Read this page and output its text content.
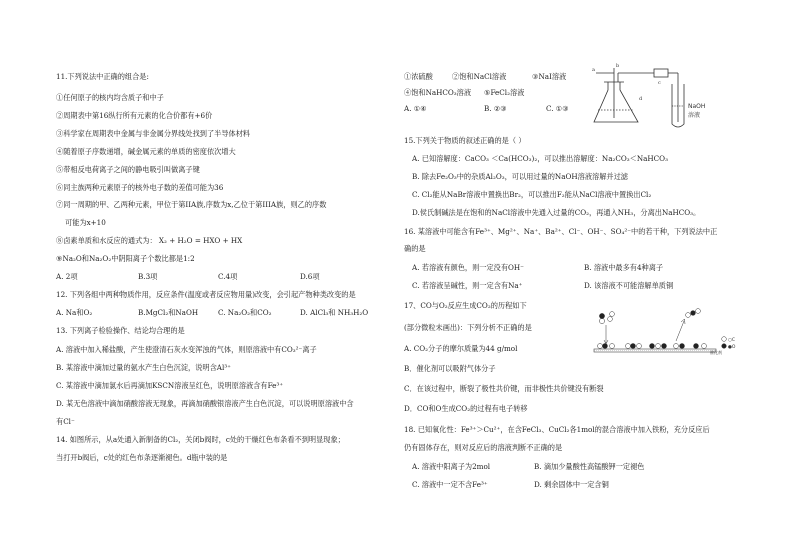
11.下列说法中正确的组合是:
①任何原子的核内均含质子和中子
②周期表中第16纵行所有元素的化合价都有+6价
③科学家在周期表中金属与非金属分界线处找到了半导体材料
④随着原子序数递增，碱金属元素的单质的密度依次增大
⑤带相反电荷离子之间的静电吸引叫做离子键
⑥同主族两种元素原子的核外电子数的差值可能为36
⑦同一周期的甲、乙两种元素，甲位于第IIA族,序数为x,乙位于第IIIA族，则乙的序数
可能为x+10
⑧卤素单质和水反应的通式为： X₂ + H₂O = HXO + HX
⑨Na₂O和Na₂O₂中阴阳离子个数比都是1:2
A. 2项	B.3项	C.4项	D.6项
12. 下列各组中两种物质作用，反应条件(温度或者反应物用量)改变，会引起产物种类改变的是
A. Na和O₂	B.MgCl₂和NaOH	C. Na₂O₂和CO₂	D. AlCl₃和 NH₃H₂O
13. 下列离子检验操作、结论均合理的是
A. 溶液中加入稀盐酸，产生使澄清石灰水变浑浊的气体，则原溶液中有CO₃²⁻离子
B. 某溶液中滴加过量的氨水产生白色沉淀，说明含Al³⁺
C. 某溶液中滴加氯水后再滴加KSCN溶液呈红色，说明原溶液含有Fe³⁺
D. 某无色溶液中滴加硝酸溶液无现象，再滴加硝酸银溶液产生白色沉淀，可以说明原溶液中含
有Cl⁻
14. 如图所示，从a处通入新制备的Cl₂，关闭b阀时，c处的干燥红色布条看不到明显现象；
当打开b阀后，c处的红色布条逐渐褪色。d瓶中装的是
①浓硫酸	②饱和NaCl溶液	③NaI溶液
④饱和NaHCO₃溶液 ⑤FeCl₂溶液
A. ①④	B. ②③	C. ①③
a
b
d
c
NaOH
溶液
15.下列关于物质的叙述正确的是（ ）
A. 已知溶解度：CaCO₃ ＜Ca(HCO₃)₂，可以推出溶解度：Na₂CO₃＜NaHCO₃
B. 除去Fe₂O₃中的杂质Al₂O₃，可以用过量的NaOH溶液溶解并过滤
C. Cl₂能从NaBr溶液中置换出Br₂，可以推出F₂能从NaCl溶液中置换出Cl₂
D.侯氏制碱法是在饱和的NaCl溶液中先通入过量的CO₂，再通入NH₃，分离出NaHCO₃。
16. 某溶液中可能含有Fe³⁺、Mg²⁺、Na⁺、Ba²⁺、Cl⁻、OH⁻、SO₄²⁻中的若干种，下列说法中正
确的是
A. 若溶液有颜色，则一定没有OH⁻	B. 溶液中最多有4种离子
C. 若溶液呈碱性，则一定含有Na⁺	D. 该溶液不可能溶解单质铜
17、CO与O₂反应生成CO₂的历程如下
(部分微粒未画出)：下列分析不正确的是
○C
●O
催化剂
A. CO₂分子的摩尔质量为44 g/mol
B．催化剂可以吸附气体分子
C．在该过程中，断裂了极性共价键，而非极性共价键没有断裂
D．CO和O生成CO₂的过程有电子转移
18. 已知氧化性：Fe³⁺＞Cu²⁺，在含FeCl₃、CuCl₂各1mol的混合溶液中加入铁粉，充分反应后
仍有固体存在，则对反应后的溶液判断不正确的是
A. 溶液中阳离子为2mol	B. 滴加少量酸性高锰酸钾一定褪色
C. 溶液中一定不含Fe³⁺	D. 剩余固体中一定含铜
